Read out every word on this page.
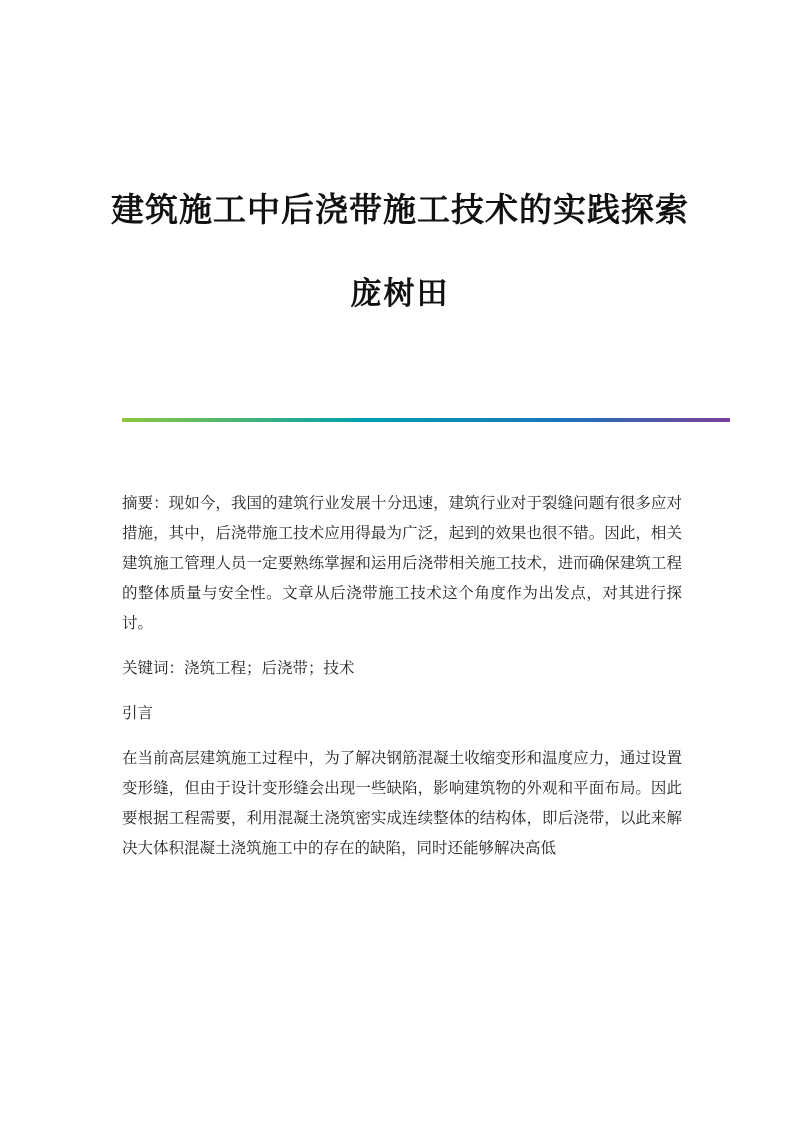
建筑施工中后浇带施工技术的实践探索
庞树田

摘要：现如今，我国的建筑行业发展十分迅速，建筑行业对于裂缝问题有很多应对措施，其中，后浇带施工技术应用得最为广泛，起到的效果也很不错。因此，相关建筑施工管理人员一定要熟练掌握和运用后浇带相关施工技术，进而确保建筑工程的整体质量与安全性。文章从后浇带施工技术这个角度作为出发点，对其进行探讨。

关键词：浇筑工程；后浇带；技术

引言

在当前高层建筑施工过程中，为了解决钢筋混凝土收缩变形和温度应力，通过设置变形缝，但由于设计变形缝会出现一些缺陷，影响建筑物的外观和平面布局。因此要根据工程需要，利用混凝土浇筑密实成连续整体的结构体，即后浇带，以此来解决大体积混凝土浇筑施工中的存在的缺陷，同时还能够解决高低
